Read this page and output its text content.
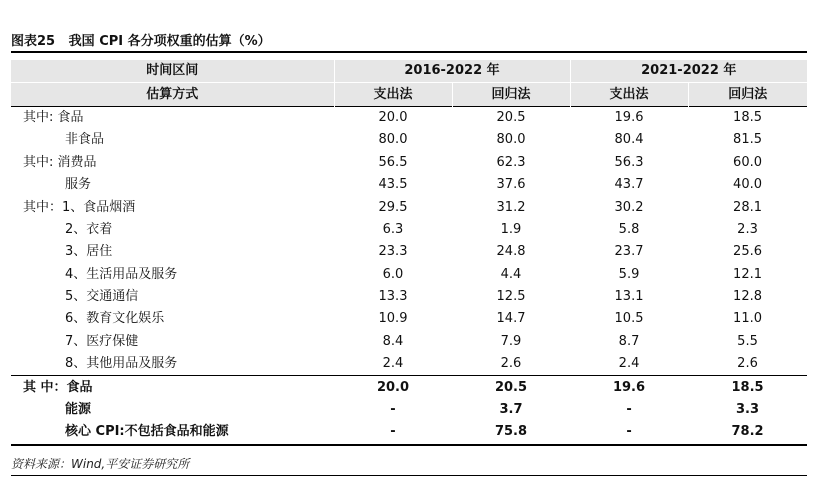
图表25   我国 CPI 各分项权重的估算（%）
时间区间	2016-2022 年		2021-2022 年	
估算方式	支出法	回归法	支出法	回归法
其中: 食品	20.0	20.5	19.6	18.5
非食品	80.0	80.0	80.4	81.5
其中: 消费品	56.5	62.3	56.3	60.0
服务	43.5	37.6	43.7	40.0
其中：1、食品烟酒	29.5	31.2	30.2	28.1
2、衣着	6.3	1.9	5.8	2.3
3、居住	23.3	24.8	23.7	25.6
4、生活用品及服务	6.0	4.4	5.9	12.1
5、交通通信	13.3	12.5	13.1	12.8
6、教育文化娱乐	10.9	14.7	10.5	11.0
7、医疗保健	8.4	7.9	8.7	5.5
8、其他用品及服务	2.4	2.6	2.4	2.6
其 中：食品	20.0	20.5	19.6	18.5
能源	-	3.7	-	3.3
核心 CPI:不包括食品和能源	-	75.8	-	78.2
资料来源：Wind,平安证券研究所
